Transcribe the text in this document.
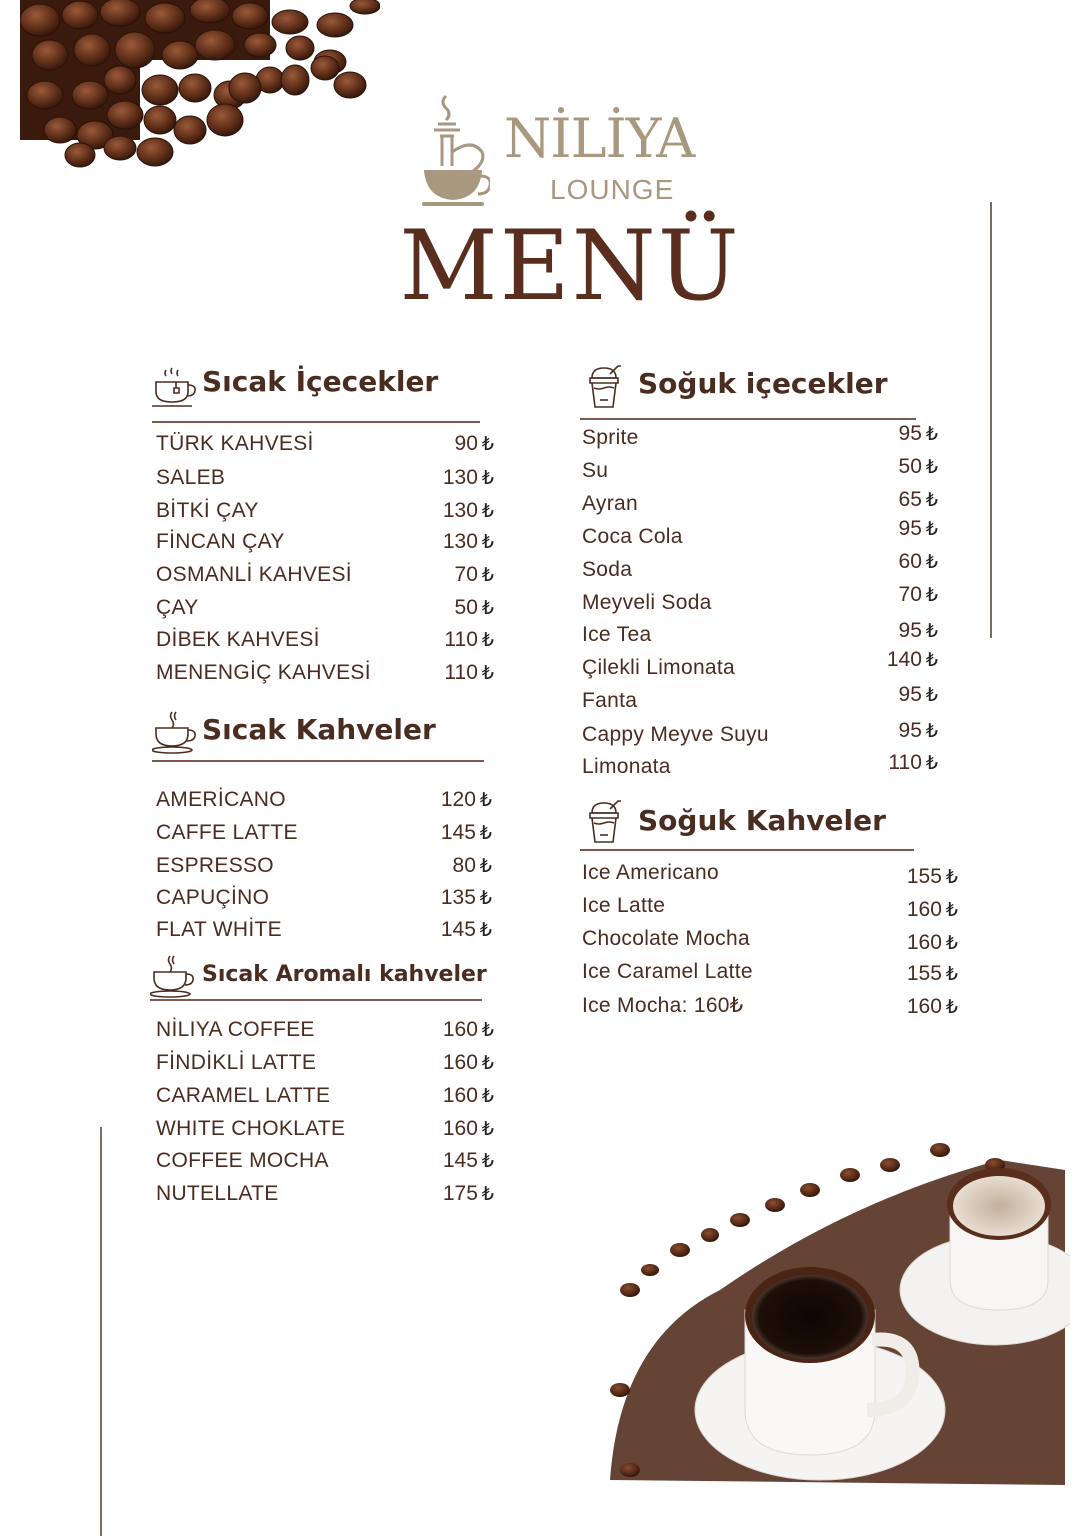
NİLİYA
LOUNGE
MENÜ
Sıcak İçecekler
TÜRK KAHVESİ	90 ₺
SALEB	130 ₺
BİTKİ ÇAY	130 ₺
FİNCAN ÇAY	130 ₺
OSMANLİ KAHVESİ	70 ₺
ÇAY	50 ₺
DİBEK KAHVESİ	110 ₺
MENENGİÇ KAHVESİ	110 ₺
Sıcak Kahveler
AMERİCANO	120 ₺
CAFFE LATTE	145 ₺
ESPRESSO	80 ₺
CAPUÇİNO	135 ₺
FLAT WHİTE	145 ₺
Sıcak Aromalı kahveler
NİLIYA COFFEE	160 ₺
FİNDİKLİ LATTE	160 ₺
CARAMEL LATTE	160 ₺
WHITE CHOKLATE	160 ₺
COFFEE MOCHA	145 ₺
NUTELLATE	175 ₺
Soğuk içecekler
Sprite	95 ₺
Su	50 ₺
Ayran	65 ₺
Coca Cola	95 ₺
Soda	60 ₺
Meyveli Soda	70 ₺
Ice Tea	95 ₺
Çilekli Limonata	140 ₺
Fanta	95 ₺
Cappy Meyve Suyu	95 ₺
Limonata	110 ₺
Soğuk Kahveler
Ice Americano	155 ₺
Ice Latte	160 ₺
Chocolate Mocha	160 ₺
Ice Caramel Latte	155 ₺
Ice Mocha: 160₺	160 ₺
